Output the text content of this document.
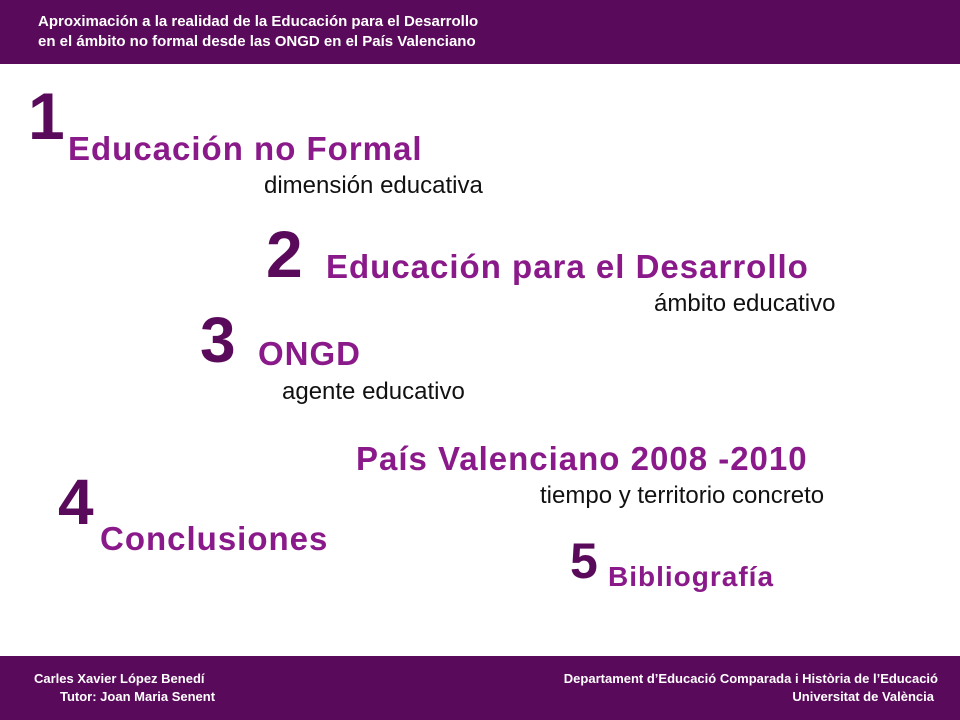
Aproximación a la realidad de la Educación para el Desarrollo
en el ámbito no formal desde las ONGD en el País Valenciano
1 Educación no Formal
dimensión educativa
2 Educación para el Desarrollo
ámbito educativo
3 ONGD
agente educativo
País Valenciano 2008 -2010
tiempo y territorio concreto
4
Conclusiones	5 Bibliografía
Carles Xavier López Benedí
Tutor: Joan Maria Senent
Departament d’Educació Comparada i Història de l’Educació
Universitat de València
